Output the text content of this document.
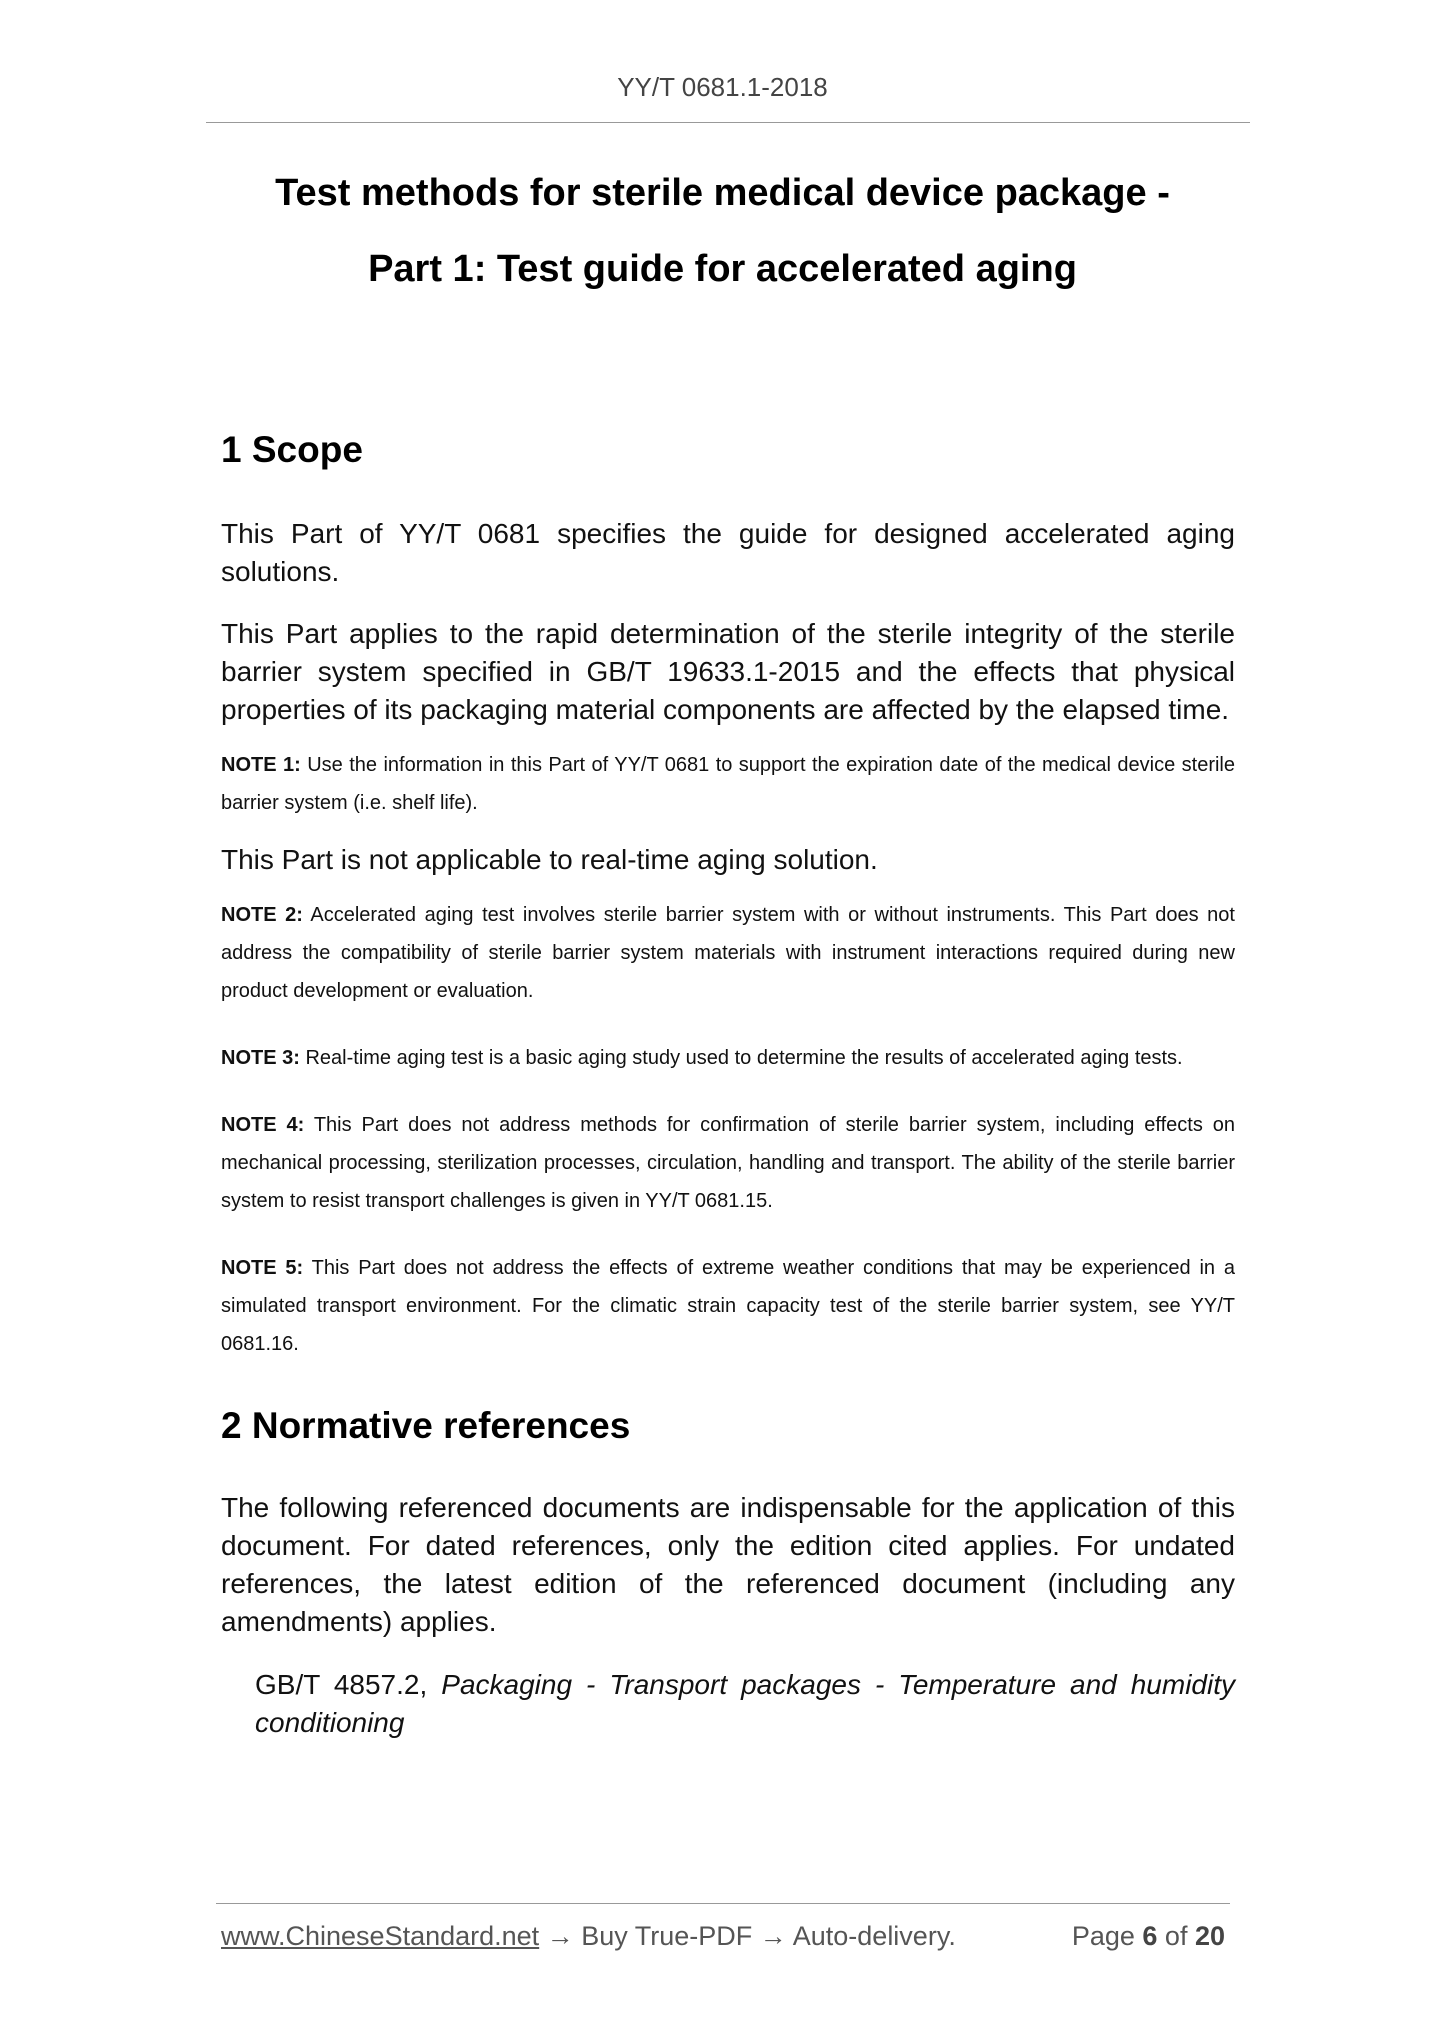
YY/T 0681.1-2018
Test methods for sterile medical device package -
Part 1: Test guide for accelerated aging
1 Scope

This Part of YY/T 0681 specifies the guide for designed accelerated aging solutions.

This Part applies to the rapid determination of the sterile integrity of the sterile barrier system specified in GB/T 19633.1-2015 and the effects that physical properties of its packaging material components are affected by the elapsed time.

NOTE 1: Use the information in this Part of YY/T 0681 to support the expiration date of the medical device sterile barrier system (i.e. shelf life).

This Part is not applicable to real-time aging solution.

NOTE 2: Accelerated aging test involves sterile barrier system with or without instruments. This Part does not address the compatibility of sterile barrier system materials with instrument interactions required during new product development or evaluation.

NOTE 3: Real-time aging test is a basic aging study used to determine the results of accelerated aging tests.

NOTE 4: This Part does not address methods for confirmation of sterile barrier system, including effects on mechanical processing, sterilization processes, circulation, handling and transport. The ability of the sterile barrier system to resist transport challenges is given in YY/T 0681.15.

NOTE 5: This Part does not address the effects of extreme weather conditions that may be experienced in a simulated transport environment. For the climatic strain capacity test of the sterile barrier system, see YY/T 0681.16.

2 Normative references

The following referenced documents are indispensable for the application of this document. For dated references, only the edition cited applies. For undated references, the latest edition of the referenced document (including any amendments) applies.

GB/T 4857.2, Packaging - Transport packages - Temperature and humidity conditioning

www.ChineseStandard.net → Buy True-PDF → Auto-delivery.	Page 6 of 20
